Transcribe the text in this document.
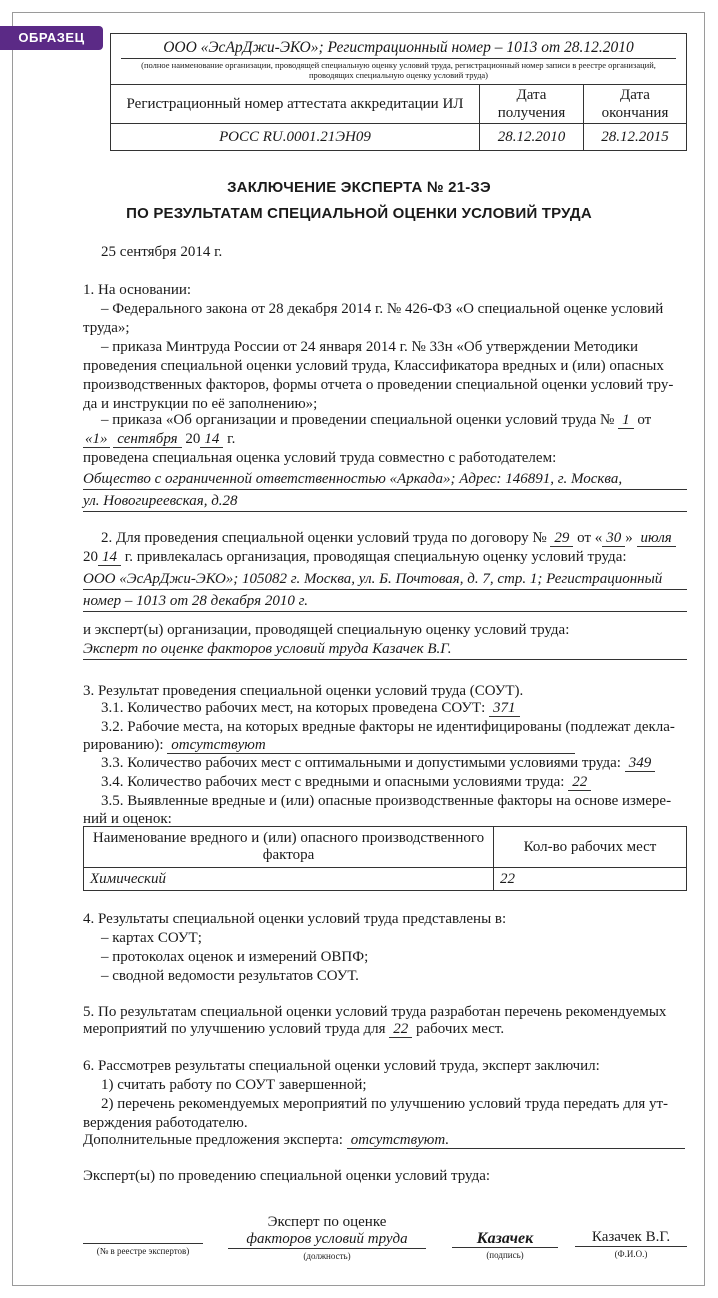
ОБРАЗЕЦ
ООО «ЭсАрДжи-ЭКО»; Регистрационный номер – 1013 от 28.12.2010		

(полное наименование организации, проводящей специальную оценку условий труда, регистрационный номер записи в реестре организаций, проводящих специальную оценку условий труда)		

Регистрационный номер аттестата аккредитации ИЛ	Дата получения	Дата окончания
РОСС RU.0001.21ЭН09	28.12.2010	28.12.2015
ЗАКЛЮЧЕНИЕ ЭКСПЕРТА № 21-ЗЭ
ПО РЕЗУЛЬТАТАМ СПЕЦИАЛЬНОЙ ОЦЕНКИ УСЛОВИЙ ТРУДА
25 сентября 2014 г.
1. На основании:
– Федерального закона от 28 декабря 2014 г. № 426-ФЗ «О специальной оценке условий
труда»;
– приказа Минтруда России от 24 января 2014 г. № 33н «Об утверждении Методики
проведения специальной оценки условий труда, Классификатора вредных и (или) опасных
производственных факторов, формы отчета о проведении специальной оценки условий тру-
да и инструкции по её заполнению»;
– приказа «Об организации и проведении специальной оценки условий труда № 1 от
«1» сентября 20 14 г.
проведена специальная оценка условий труда совместно с работодателем:
Общество с ограниченной ответственностью «Аркада»; Адрес: 146891, г. Москва,
ул. Новогиреевская, д.28
2. Для проведения специальной оценки условий труда по договору № 29 от « 30 » июля
20 14 г. привлекалась организация, проводящая специальную оценку условий труда:
ООО «ЭсАрДжи-ЭКО»; 105082 г. Москва, ул. Б. Почтовая, д. 7, стр. 1; Регистрационный
номер – 1013 от 28 декабря 2010 г.
и эксперт(ы) организации, проводящей специальную оценку условий труда:
Эксперт по оценке факторов условий труда Казачек В.Г.
3. Результат проведения специальной оценки условий труда (СОУТ).
3.1. Количество рабочих мест, на которых проведена СОУТ: 371
3.2. Рабочие места, на которых вредные факторы не идентифицированы (подлежат декла-
рированию): отсутствуют
3.3. Количество рабочих мест с оптимальными и допустимыми условиями труда: 349
3.4. Количество рабочих мест с вредными и опасными условиями труда: 22
3.5. Выявленные вредные и (или) опасные производственные факторы на основе измере-
ний и оценок:
Наименование вредного и (или) опасного производственного фактора	Кол-во рабочих мест
Химический	22
4. Результаты специальной оценки условий труда представлены в:
– картах СОУТ;
– протоколах оценок и измерений ОВПФ;
– сводной ведомости результатов СОУТ.
5. По результатам специальной оценки условий труда разработан перечень рекомендуемых
мероприятий по улучшению условий труда для 22 рабочих мест.
6. Рассмотрев результаты специальной оценки условий труда, эксперт заключил:
1) считать работу по СОУТ завершенной;
2) перечень рекомендуемых мероприятий по улучшению условий труда передать для ут-
верждения работодателю.
Дополнительные предложения эксперта: отсутствуют.
Эксперт(ы) по проведению специальной оценки условий труда:
(№ в реестре экспертов)
Эксперт по оценке
факторов условий труда
(должность)
Казачек
(подпись)
Казачек В.Г.
(Ф.И.О.)
